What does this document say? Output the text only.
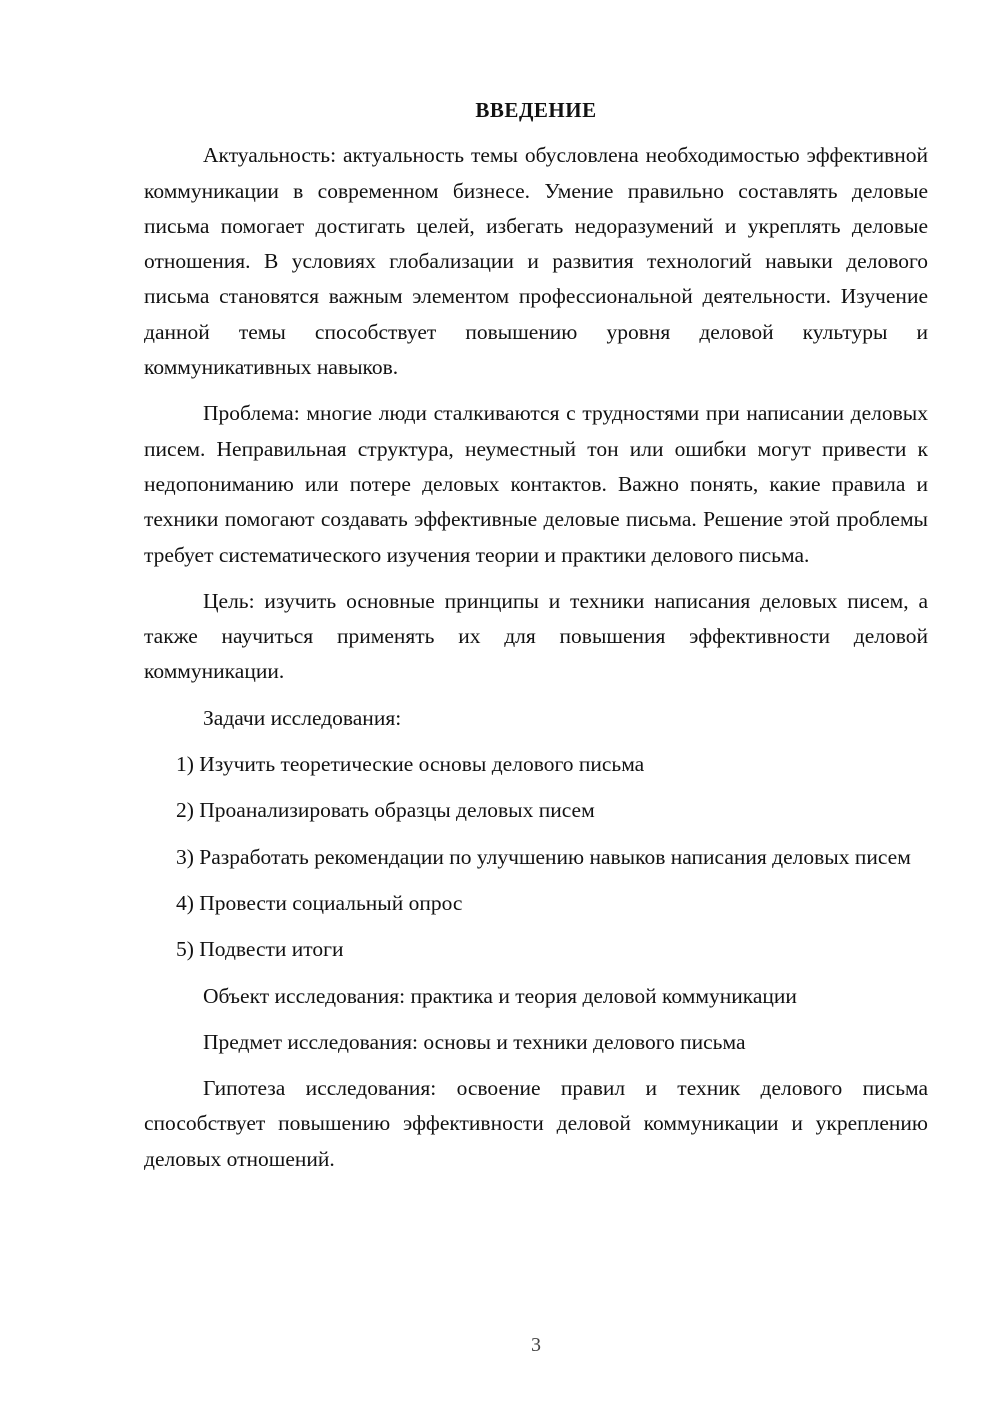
ВВЕДЕНИЕ

Актуальность: актуальность темы обусловлена необходимостью эффективной коммуникации в современном бизнесе. Умение правильно составлять деловые письма помогает достигать целей, избегать недоразумений и укреплять деловые отношения. В условиях глобализации и развития технологий навыки делового письма становятся важным элементом профессиональной деятельности. Изучение данной темы способствует повышению уровня деловой культуры и коммуникативных навыков.

Проблема: многие люди сталкиваются с трудностями при написании деловых писем. Неправильная структура, неуместный тон или ошибки могут привести к недопониманию или потере деловых контактов. Важно понять, какие правила и техники помогают создавать эффективные деловые письма. Решение этой проблемы требует систематического изучения теории и практики делового письма.

Цель: изучить основные принципы и техники написания деловых писем, а также научиться применять их для повышения эффективности деловой коммуникации.

Задачи исследования:

1) Изучить теоретические основы делового письма

2) Проанализировать образцы деловых писем

3) Разработать рекомендации по улучшению навыков написания деловых писем

4) Провести социальный опрос

5) Подвести итоги

Объект исследования: практика и теория деловой коммуникации

Предмет исследования: основы и техники делового письма

Гипотеза исследования: освоение правил и техник делового письма способствует повышению эффективности деловой коммуникации и укреплению деловых отношений.

3
